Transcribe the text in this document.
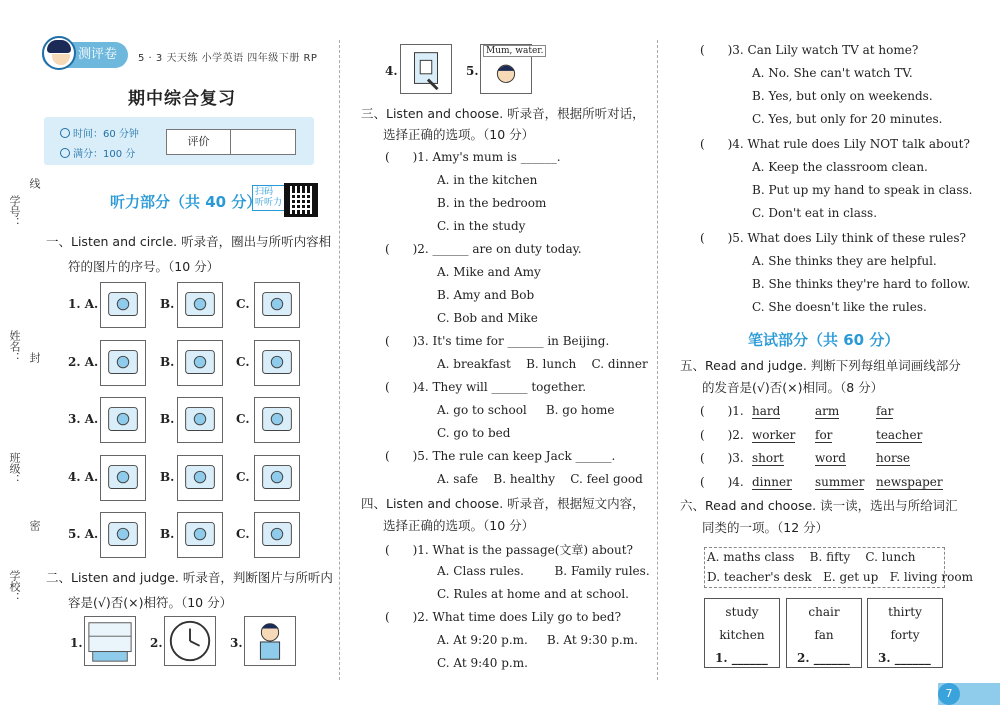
学号：
线
姓名： 封
班级：
密
学校：
测评卷	5 · 3 天天练 小学英语 四年级下册 RP
期中综合复习
时间：60 分钟
满分：100 分
评价
听力部分（共 40 分）
扫码
听听力
一、Listen and circle. 听录音，圈出与所听内容相
符的图片的序号。（10 分）
1. A.	B.	C.
2. A.	B.	C.
3. A.	B.	C.
4. A.	B.	C.
5. A.	B.	C.
二、Listen and judge. 听录音，判断图片与所听内
容是(√)否(×)相符。（10 分）
1.	2.	3.
4.	5.
Mum, water.
三、Listen and choose. 听录音，根据所听对话，
选择正确的选项。（10 分）
(      )1. Amy's mum is ______.
A. in the kitchen
B. in the bedroom
C. in the study
(      )2. ______ are on duty today.
A. Mike and Amy
B. Amy and Bob
C. Bob and Mike
(      )3. It's time for ______ in Beijing.
A. breakfast    B. lunch    C. dinner
(      )4. They will ______ together.
A. go to school     B. go home
C. go to bed
(      )5. The rule can keep Jack ______.
A. safe    B. healthy    C. feel good
四、Listen and choose. 听录音，根据短文内容，
选择正确的选项。（10 分）
(      )1. What is the passage(文章) about?
A. Class rules.        B. Family rules.
C. Rules at home and at school.
(      )2. What time does Lily go to bed?
A. At 9:20 p.m.     B. At 9:30 p.m.
C. At 9:40 p.m.
(      )3. Can Lily watch TV at home?
A. No. She can't watch TV.
B. Yes, but only on weekends.
C. Yes, but only for 20 minutes.
(      )4. What rule does Lily NOT talk about?
A. Keep the classroom clean.
B. Put up my hand to speak in class.
C. Don't eat in class.
(      )5. What does Lily think of these rules?
A. She thinks they are helpful.
B. She thinks they're hard to follow.
C. She doesn't like the rules.
笔试部分（共 60 分）
五、Read and judge. 判断下列每组单词画线部分
的发音是(√)否(×)相同。（8 分）
(      )1. hard	arm	far
(      )2. worker for	teacher
(      )3. short	word	horse
(      )4. dinner summer newspaper
六、Read and choose. 读一读，选出与所给词汇
同类的一项。（12 分）
A. maths class    B. fifty    C. lunch
D. teacher's desk   E. get up   F. living room
study
kitchen
1. ______
chair
fan
2. ______
thirty
forty
3. ______
7
